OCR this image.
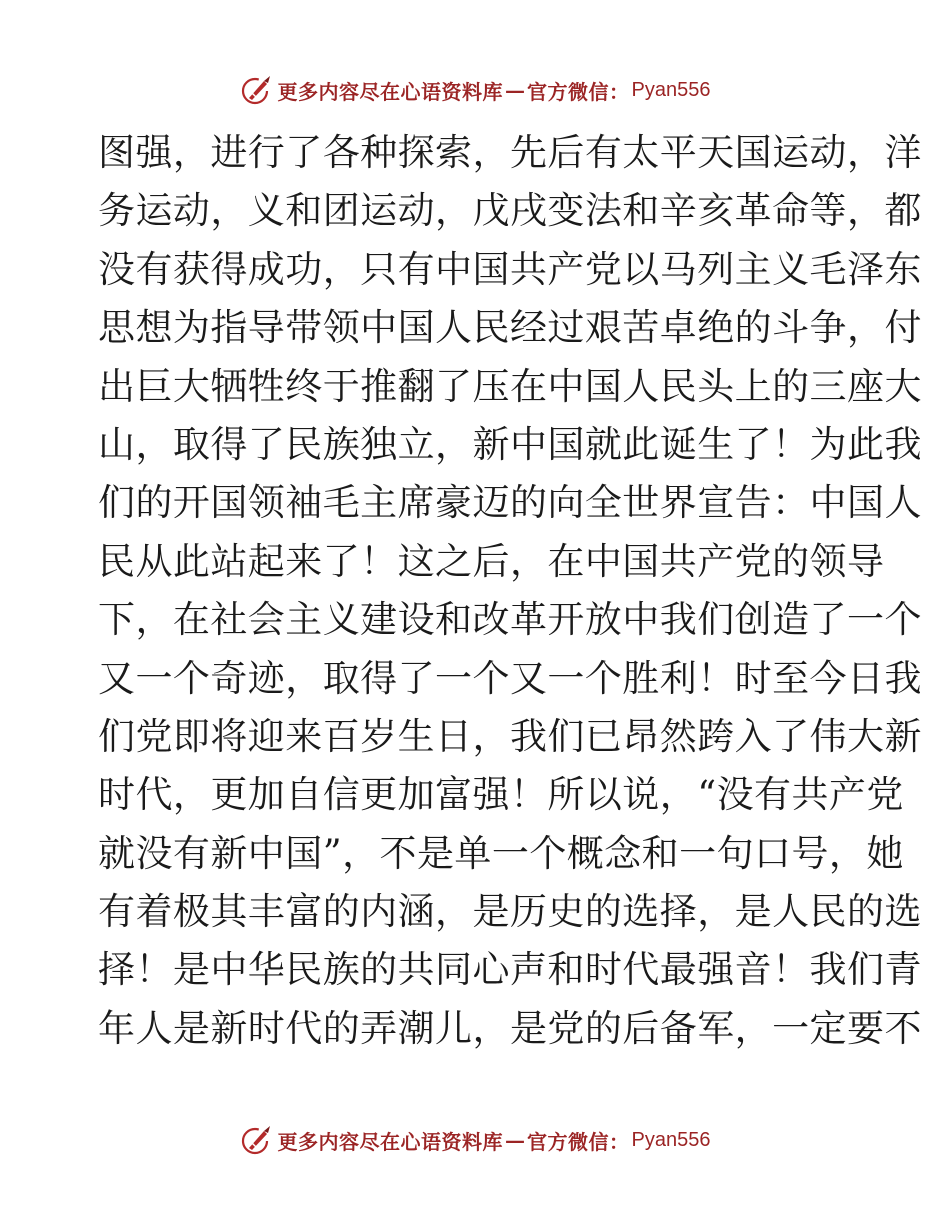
更多内容尽在心语资料库 — 官方微信： Pyan556
图强，进行了各种探索，先后有太平天国运动，洋
务运动，义和团运动，戊戌变法和辛亥革命等，都
没有获得成功，只有中国共产党以马列主义毛泽东
思想为指导带领中国人民经过艰苦卓绝的斗争，付
出巨大牺牲终于推翻了压在中国人民头上的三座大
山，取得了民族独立，新中国就此诞生了！为此我
们的开国领袖毛主席豪迈的向全世界宣告：中国人
民从此站起来了！这之后，在中国共产党的领导
下，在社会主义建设和改革开放中我们创造了一个
又一个奇迹，取得了一个又一个胜利！时至今日我
们党即将迎来百岁生日，我们已昂然跨入了伟大新
时代，更加自信更加富强！所以说，“没有共产党
就没有新中国”，不是单一个概念和一句口号，她
有着极其丰富的内涵，是历史的选择，是人民的选
择！是中华民族的共同心声和时代最强音！我们青
年人是新时代的弄潮儿，是党的后备军，一定要不
更多内容尽在心语资料库 — 官方微信： Pyan556
